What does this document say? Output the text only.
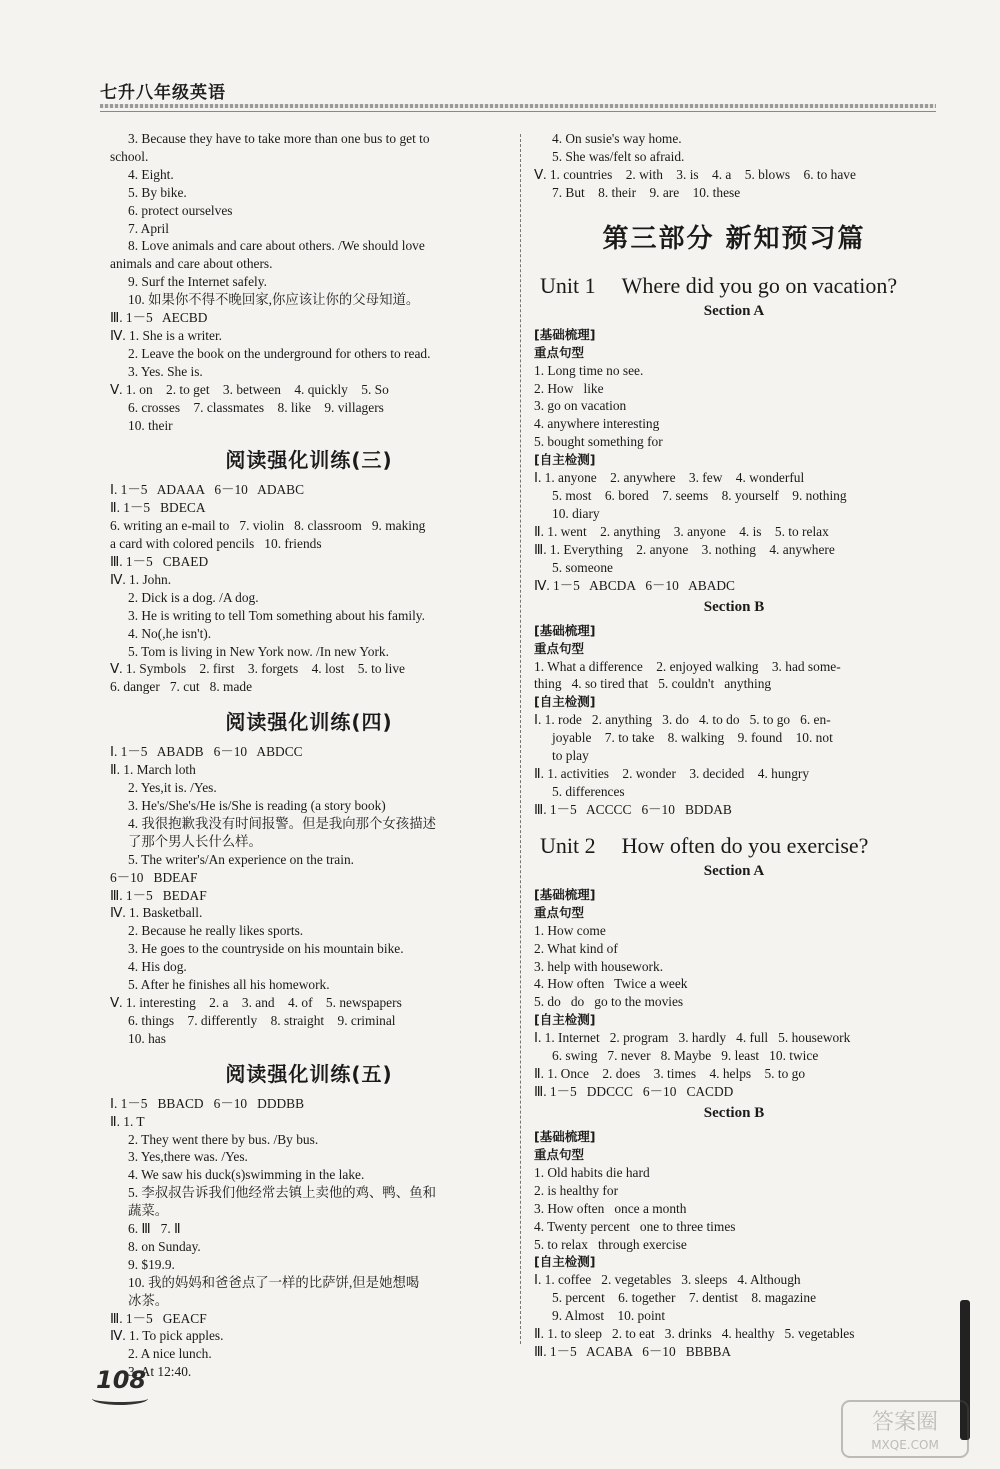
七升八年级英语
3. Because they have to take more than one bus to get to
school.
4. Eight.
5. By bike.
6. protect ourselves
7. April
8. Love animals and care about others. /We should love
animals and care about others.
9. Surf the Internet safely.
10. 如果你不得不晚回家,你应该让你的父母知道。
Ⅲ. 1－5   AECBD
Ⅳ. 1. She is a writer.
2. Leave the book on the underground for others to read.
3. Yes. She is.
Ⅴ. 1. on    2. to get    3. between    4. quickly    5. So
6. crosses    7. classmates    8. like    9. villagers
10. their
阅读强化训练(三)
Ⅰ. 1－5   ADAAA   6－10   ADABC
Ⅱ. 1－5   BDECA
6. writing an e-mail to   7. violin   8. classroom   9. making
a card with colored pencils   10. friends
Ⅲ. 1－5   CBAED
Ⅳ. 1. John.
2. Dick is a dog. /A dog.
3. He is writing to tell Tom something about his family.
4. No(,he isn't).
5. Tom is living in New York now. /In new York.
Ⅴ. 1. Symbols    2. first    3. forgets    4. lost    5. to live
6. danger   7. cut   8. made
阅读强化训练(四)
Ⅰ. 1－5   ABADB   6－10   ABDCC
Ⅱ. 1. March loth
2. Yes,it is. /Yes.
3. He's/She's/He is/She is reading (a story book)
4. 我很抱歉我没有时间报警。但是我向那个女孩描述
了那个男人长什么样。
5. The writer's/An experience on the train.
6－10   BDEAF
Ⅲ. 1－5   BEDAF
Ⅳ. 1. Basketball.
2. Because he really likes sports.
3. He goes to the countryside on his mountain bike.
4. His dog.
5. After he finishes all his homework.
Ⅴ. 1. interesting    2. a    3. and    4. of    5. newspapers
6. things    7. differently    8. straight    9. criminal
10. has
阅读强化训练(五)
Ⅰ. 1－5   BBACD   6－10   DDDBB
Ⅱ. 1. T
2. They went there by bus. /By bus.
3. Yes,there was. /Yes.
4. We saw his duck(s)swimming in the lake.
5. 李叔叔告诉我们他经常去镇上卖他的鸡、鸭、鱼和
蔬菜。
6. Ⅲ   7. Ⅱ
8. on Sunday.
9. $19.9.
10. 我的妈妈和爸爸点了一样的比萨饼,但是她想喝
冰茶。
Ⅲ. 1－5   GEACF
Ⅳ. 1. To pick apples.
2. A nice lunch.
3. At 12:40.
4. On susie's way home.
5. She was/felt so afraid.
Ⅴ. 1. countries    2. with    3. is    4. a    5. blows    6. to have
7. But    8. their    9. are    10. these
第三部分 新知预习篇
Unit 1 Where did you go on vacation?
Section A
[基础梳理]
重点句型
1. Long time no see.
2. How   like
3. go on vacation
4. anywhere interesting
5. bought something for
[自主检测]
Ⅰ. 1. anyone    2. anywhere    3. few    4. wonderful
5. most    6. bored    7. seems    8. yourself    9. nothing
10. diary
Ⅱ. 1. went    2. anything    3. anyone    4. is    5. to relax
Ⅲ. 1. Everything    2. anyone    3. nothing    4. anywhere
5. someone
Ⅳ. 1－5   ABCDA   6－10   ABADC
Section B
[基础梳理]
重点句型
1. What a difference    2. enjoyed walking    3. had some-
thing   4. so tired that   5. couldn't   anything
[自主检测]
Ⅰ. 1. rode   2. anything   3. do   4. to do   5. to go   6. en-
joyable    7. to take    8. walking    9. found    10. not
to play
Ⅱ. 1. activities    2. wonder    3. decided    4. hungry
5. differences
Ⅲ. 1－5   ACCCC   6－10   BDDAB
Unit 2 How often do you exercise?
Section A
[基础梳理]
重点句型
1. How come
2. What kind of
3. help with housework.
4. How often   Twice a week
5. do   do   go to the movies
[自主检测]
Ⅰ. 1. Internet   2. program   3. hardly   4. full   5. housework
6. swing   7. never   8. Maybe   9. least   10. twice
Ⅱ. 1. Once    2. does    3. times    4. helps    5. to go
Ⅲ. 1－5   DDCCC   6－10   CACDD
Section B
[基础梳理]
重点句型
1. Old habits die hard
2. is healthy for
3. How often   once a month
4. Twenty percent   one to three times
5. to relax   through exercise
[自主检测]
Ⅰ. 1. coffee   2. vegetables   3. sleeps   4. Although
5. percent    6. together    7. dentist    8. magazine
9. Almost    10. point
Ⅱ. 1. to sleep   2. to eat   3. drinks   4. healthy   5. vegetables
Ⅲ. 1－5   ACABA   6－10   BBBBA
108
答案圈
MXQE.COM
